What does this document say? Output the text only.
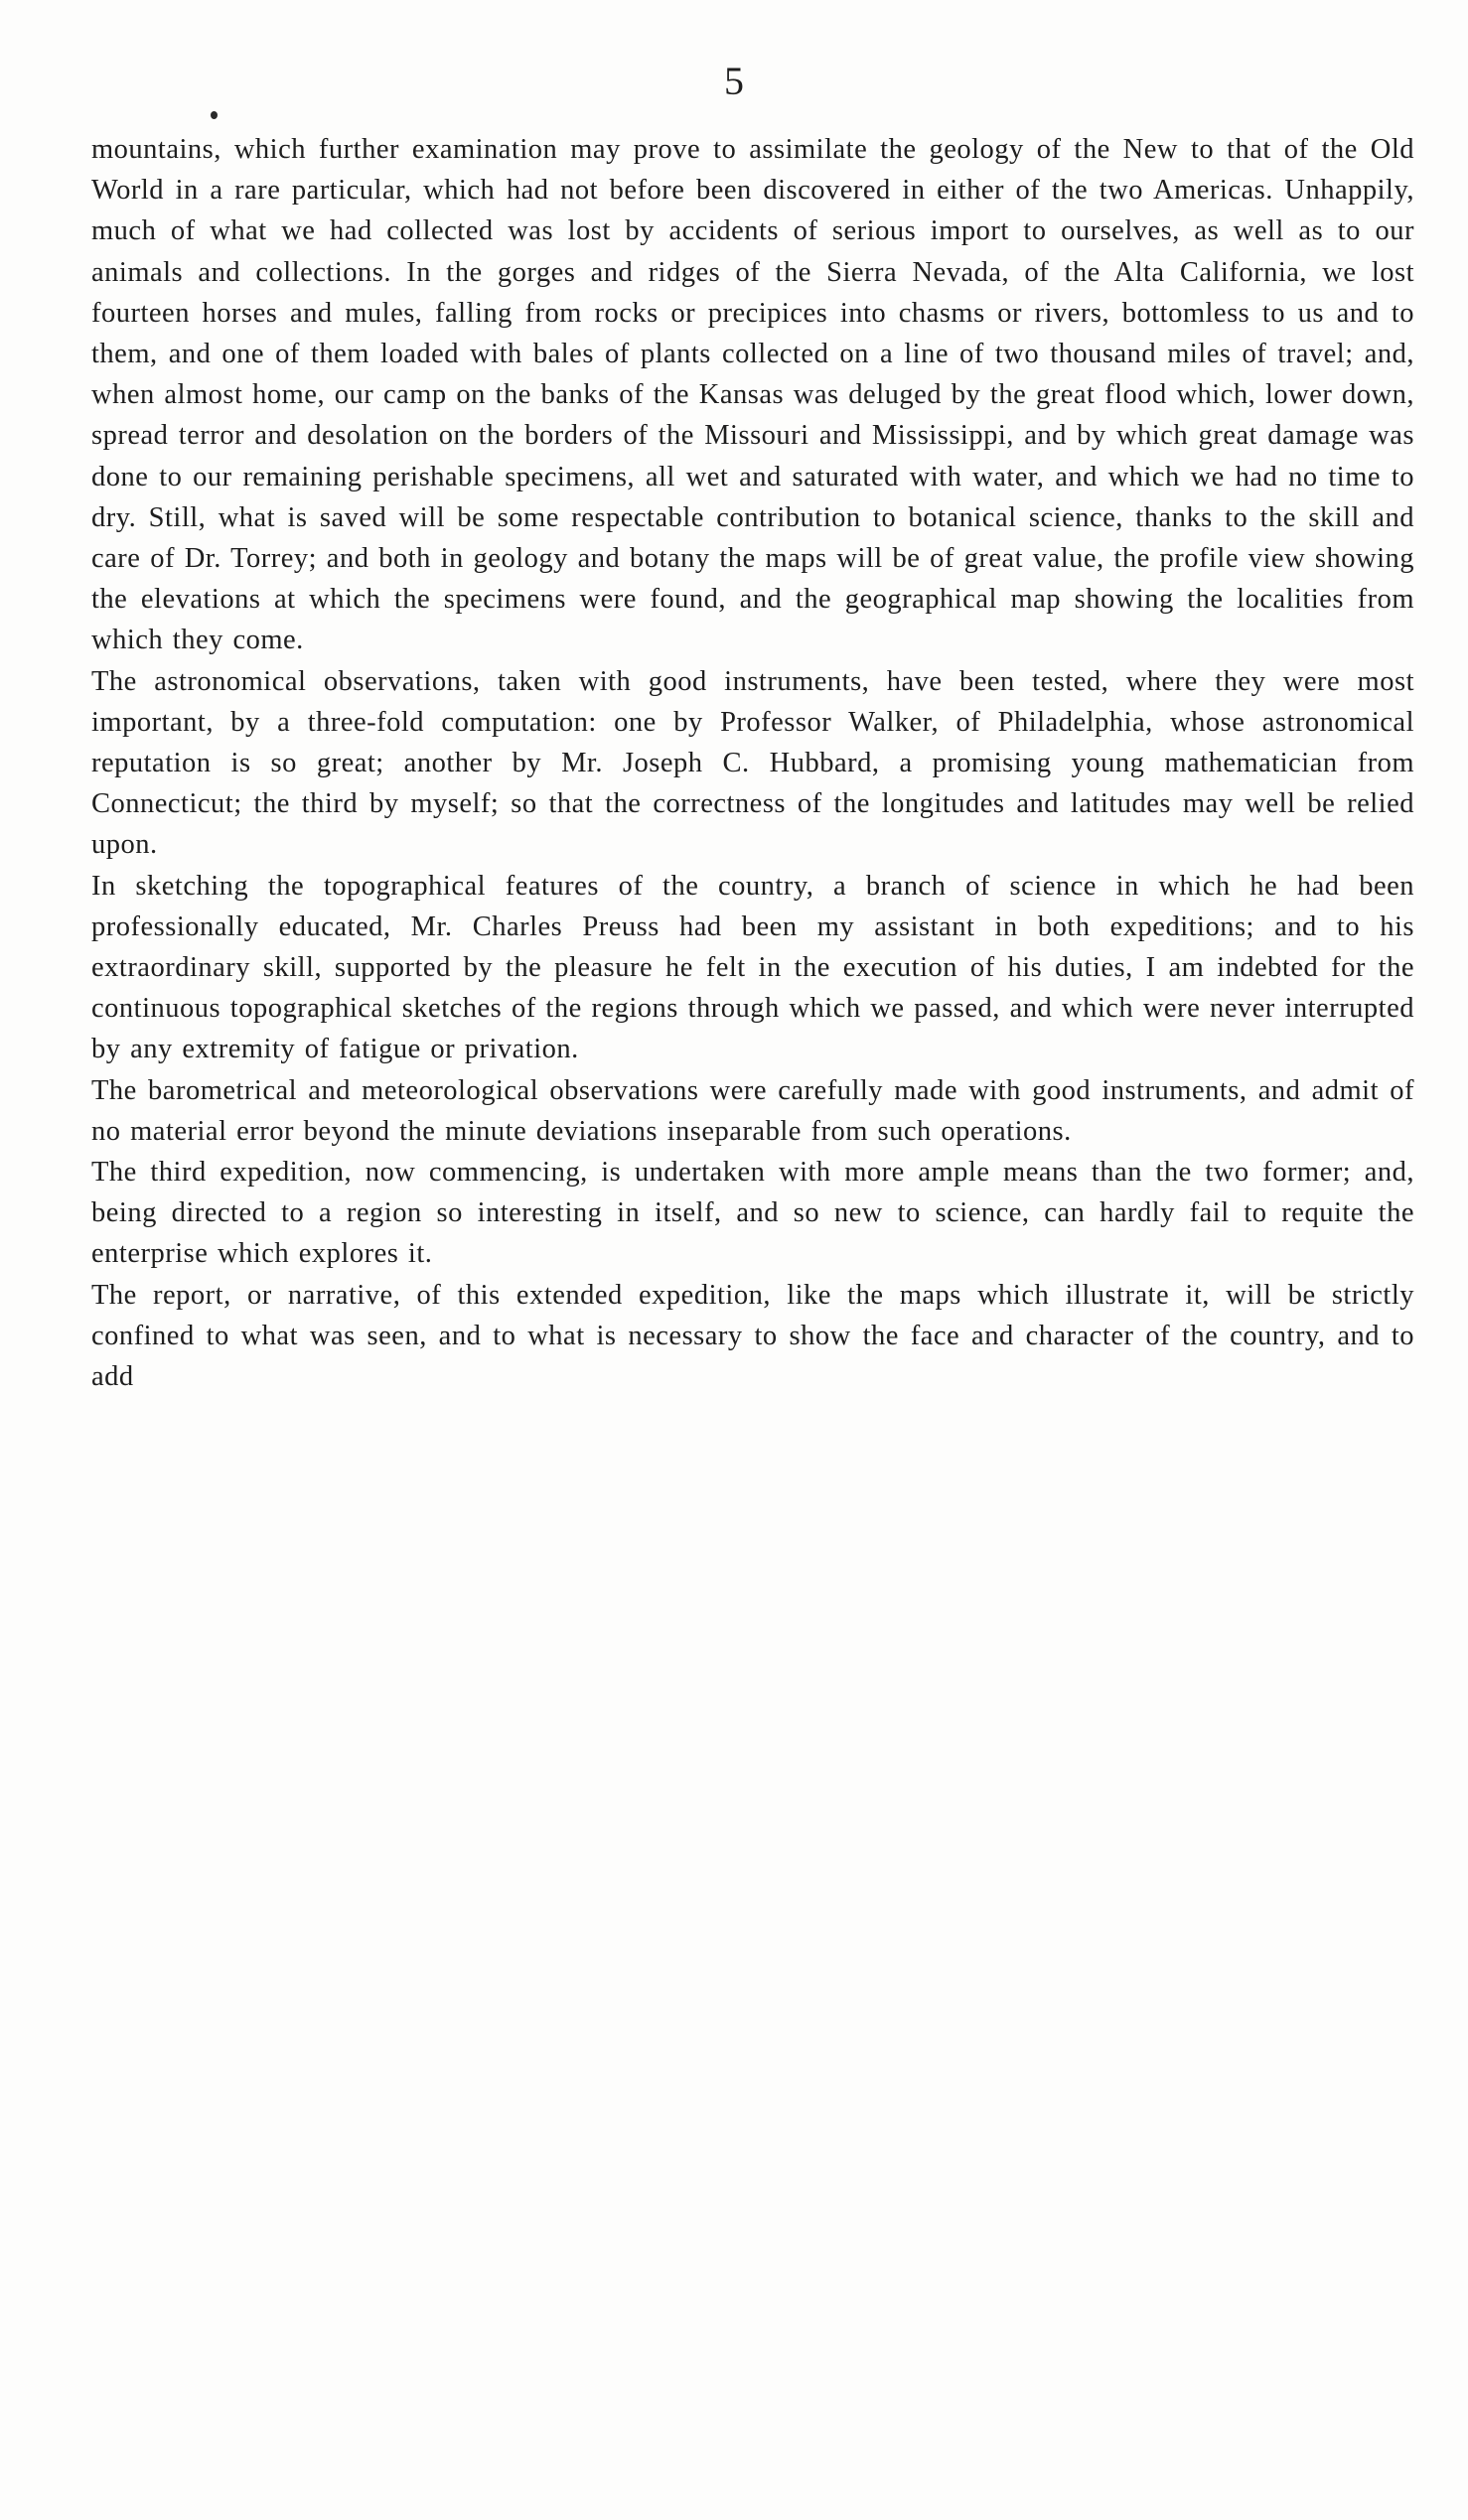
5

mountains, which further examination may prove to assimilate the geology of the New to that of the Old World in a rare particular, which had not before been discovered in either of the two Americas. Unhappily, much of what we had collected was lost by accidents of serious import to ourselves, as well as to our animals and collections. In the gorges and ridges of the Sierra Nevada, of the Alta California, we lost fourteen horses and mules, falling from rocks or precipices into chasms or rivers, bottomless to us and to them, and one of them loaded with bales of plants collected on a line of two thousand miles of travel; and, when almost home, our camp on the banks of the Kansas was deluged by the great flood which, lower down, spread terror and desolation on the borders of the Missouri and Mississippi, and by which great damage was done to our remaining perishable specimens, all wet and saturated with water, and which we had no time to dry. Still, what is saved will be some respectable contribution to botanical science, thanks to the skill and care of Dr. Torrey; and both in geology and botany the maps will be of great value, the profile view showing the elevations at which the specimens were found, and the geographical map showing the localities from which they come.

The astronomical observations, taken with good instruments, have been tested, where they were most important, by a three-fold computation: one by Professor Walker, of Philadelphia, whose astronomical reputation is so great; another by Mr. Joseph C. Hubbard, a promising young mathematician from Connecticut; the third by myself; so that the correctness of the longitudes and latitudes may well be relied upon.

In sketching the topographical features of the country, a branch of science in which he had been professionally educated, Mr. Charles Preuss had been my assistant in both expeditions; and to his extraordinary skill, supported by the pleasure he felt in the execution of his duties, I am indebted for the continuous topographical sketches of the regions through which we passed, and which were never interrupted by any extremity of fatigue or privation.

The barometrical and meteorological observations were carefully made with good instruments, and admit of no material error beyond the minute deviations inseparable from such operations.

The third expedition, now commencing, is undertaken with more ample means than the two former; and, being directed to a region so interesting in itself, and so new to science, can hardly fail to requite the enterprise which explores it.

The report, or narrative, of this extended expedition, like the maps which illustrate it, will be strictly confined to what was seen, and to what is necessary to show the face and character of the country, and to add
